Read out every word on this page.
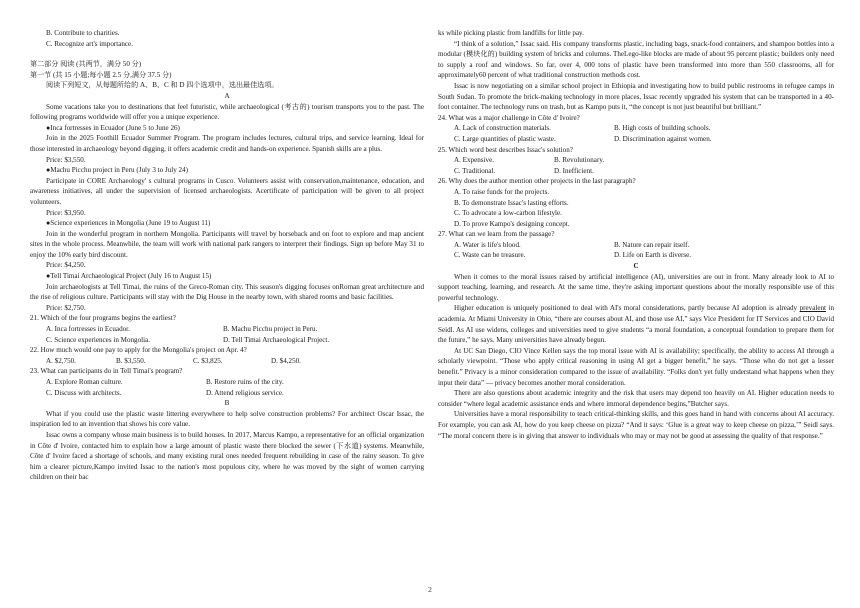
B. Contribute to charities.

C. Recognize art's importance.

第二部分 阅读 (共两节，满分 50 分)

第一节 (共 15 小题;每小题 2.5 分,满分 37.5 分)

阅读下列短文，从每题所给的 A、B、C 和 D 四个选项中，选出最佳选项。

A

Some vacations take you to destinations that feel futuristic, while archaeological (考古的) tourism transports you to the past. The following programs worldwide will offer you a unique experience.

●Inca fortresses in Ecuador (June 5 to June 26)

Join in the 2025 Foothill Ecuador Summer Program. The program includes lectures, cultural trips, and service learning. Ideal for those interested in archaeology beyond digging, it offers academic credit and hands-on experience. Spanish skills are a plus.

Price: $3,550.

●Machu Picchu project in Peru (July 3 to July 24)

Participate in CORE Archaeology' s cultural programs in Cusco. Volunteers assist with conservation,maintenance, education, and awareness initiatives, all under the supervision of licensed archaeologists. Acertificate of participation will be given to all project volunteers.

Price: $3,950.

●Science experiences in Mongolia (June 19 to August 11)

Join in the wonderful program in northern Mongolia. Participants will travel by horseback and on foot to explore and map ancient sites in the whole process. Meanwhile, the team will work with national park rangers to interpret their findings. Sign up before May 31 to enjoy the 10% early bird discount.

Price: $4,250.

●Tell Timai Archaeological Project (July 16 to August 15)

Join archaeologists at Tell Timai, the ruins of the Greco-Roman city. This season's digging focuses onRoman great architecture and the rise of religious culture. Participants will stay with the Dig House in the nearby town, with shared rooms and basic facilities.

Price: $2,750.

21. Which of the four programs begins the earliest?

A. Inca fortresses in Ecuador.	B. Machu Picchu project in Peru.
C. Science experiences in Mongolia.	D. Tell Timai Archaeological Project.

22. How much would one pay to apply for the Mongolia's project on Apr. 4?

A. $2,750.	B. $3,550.	C. $3,825.	D. $4,250.

23. What can participants do in Tell Timai's program?

A. Explore Roman culture.	B. Restore ruins of the city.
C. Discuss with architects.	D. Attend religious service.

B

What if you could use the plastic waste littering everywhere to help solve construction problems? For architect Oscar Issac, the inspiration led to an invention that shows his core value.

Issac owns a company whose main business is to build houses. In 2017, Marcus Kampo, a representative for an official organization in Côte d' Ivoire, contacted him to explain how a large amount of plastic waste there blocked the sewer (下水道) systems. Meanwhile, Côte d' Ivoire faced a shortage of schools, and many existing rural ones needed frequent rebuilding in case of the rainy season. To give him a clearer picture,Kampo invited Issac to the nation's most populous city, where he was moved by the sight of women carrying children on their bac

ks while picking plastic from landfills for little pay.

“I think of a solution,” Issac said. His company transforms plastic, including bags, snack-food containers, and shampoo bottles into a modular (模块化的) building system of bricks and columns. TheLego-like blocks are made of about 95 percent plastic; builders only need to supply a roof and windows. So far, over 4, 000 tons of plastic have been transformed into more than 550 classrooms, all for approximately60 percent of what traditional construction methods cost.

Issac is now negotiating on a similar school project in Ethiopia and investigating how to build public restrooms in refugee camps in South Sudan. To promote the brick-making technology in more places, Issac recently upgraded his system that can be transported in a 40-foot container. The technology runs on trash, but as Kampo puts it, “the concept is not just beautiful but brilliant.”

24. What was a major challenge in Côte d' Ivoire?

A. Lack of construction materials.	B. High costs of building schools.
C. Large quantities of plastic waste.	D. Discrimination against women.

25. Which word best describes Issac's solution?

A. Expensive.	B. Revolutionary.
C. Traditional.	D. Inefficient.

26. Why does the author mention other projects in the last paragraph?

A. To raise funds for the projects.

B. To demonstrate Issac's lasting efforts.

C. To advocate a low-carbon lifestyle.

D. To prove Kampo's designing concept.

27. What can we learn from the passage?

A. Water is life's blood.	B. Nature can repair itself.
C. Waste can be treasure.	D. Life on Earth is diverse.

C

When it comes to the moral issues raised by artificial intelligence (AI), universities are out in front. Many already look to AI to support teaching, learning, and research. At the same time, they're asking important questions about the morally responsible use of this powerful technology.

Higher education is uniquely positioned to deal with AI's moral considerations, partly because AI adoption is already prevalent in academia. At Miami University in Ohio, “there are courses about AI, and those use AI,” says Vice President for IT Services and CIO David Seidl. As AI use widens, colleges and universities need to give students “a moral foundation, a conceptual foundation to prepare them for the future,” he says. Many universities have already begun.

At UC San Diego, CIO Vince Kellen says the top moral issue with AI is availability; specifically, the ability to access AI through a scholarly viewpoint. “Those who apply critical reasoning in using AI get a bigger benefit,” he says. “Those who do not get a lesser benefit.” Privacy is a minor consideration compared to the issue of availability. “Folks don't yet fully understand what happens when they input their data” — privacy becomes another moral consideration.

There are also questions about academic integrity and the risk that users may depend too heavily on AI. Higher education needs to consider “where legal academic assistance ends and where immoral dependence begins,”Butcher says.

Universities have a moral responsibility to teach critical-thinking skills, and this goes hand in hand with concerns about AI accuracy. For example, you can ask AI, how do you keep cheese on pizza? “And it says: ‘Glue is a great way to keep cheese on pizza,’” Seidl says. “The moral concern there is in giving that answer to individuals who may or may not be good at assessing the quality of that response.”

2
